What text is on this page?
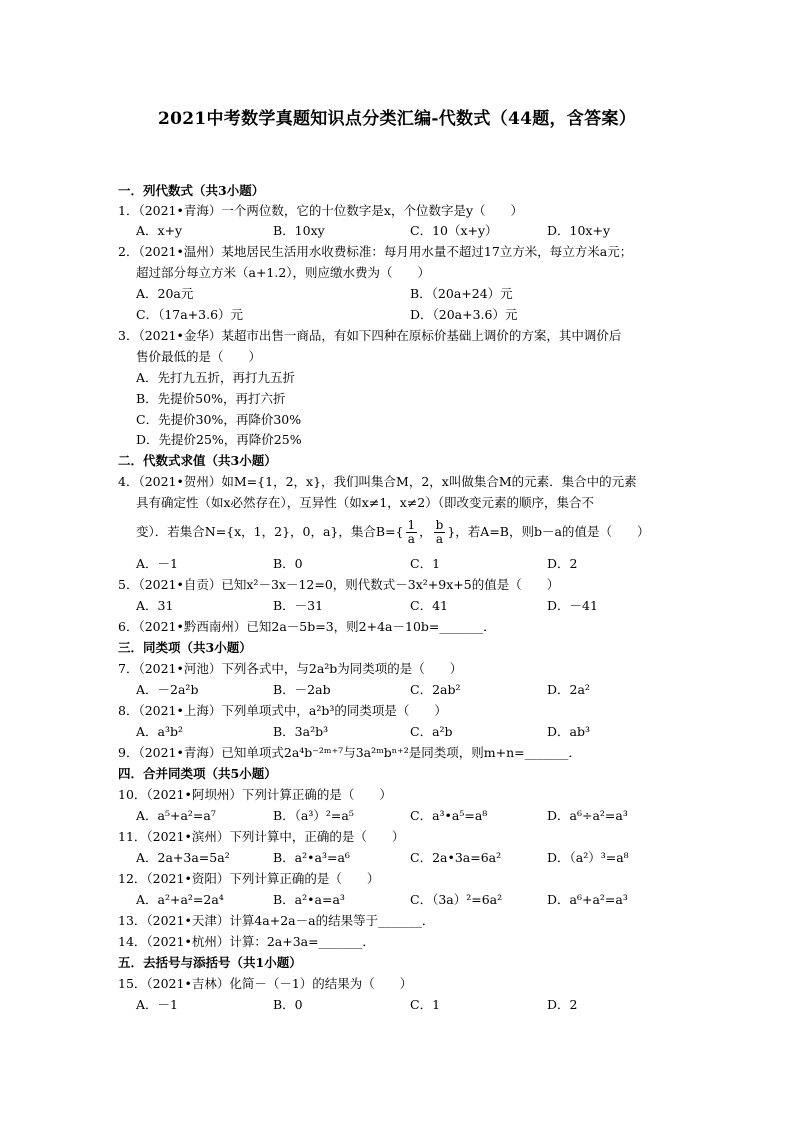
2021中考数学真题知识点分类汇编-代数式（44题，含答案）
一．列代数式（共3小题）
1．（2021•青海）一个两位数，它的十位数字是x，个位数字是y（　　）
A．x+y	B．10xy	C．10（x+y）	D．10x+y
2．（2021•温州）某地居民生活用水收费标准：每月用水量不超过17立方米，每立方米a元；
超过部分每立方米（a+1.2），则应缴水费为（　　）
A．20a元	B．（20a+24）元
C．（17a+3.6）元	D．（20a+3.6）元
3．（2021•金华）某超市出售一商品，有如下四种在原标价基础上调价的方案，其中调价后
售价最低的是（　　）
A．先打九五折，再打九五折
B．先提价50%，再打六折
C．先提价30%，再降价30%
D．先提价25%，再降价25%
二．代数式求值（共3小题）
4．（2021•贺州）如M={1，2，x}，我们叫集合M，2，x叫做集合M的元素．集合中的元素
具有确定性（如x必然存在），互异性（如x≠1，x≠2）（即改变元素的顺序，集合不
变）．若集合N={x，1，2}，0，a}，集合$B=\{ \frac{1}{a}$ ， $\frac{b}{a}$ }，若A=B，则b－a的值是（　　）
A．－1	B．0	C．1	D．2
5．（2021•自贡）已知x²－3x－12=0，则代数式－3x²+9x+5的值是（　　）
A．31	B．－31	C．41	D．－41
6．（2021•黔西南州）已知2a－5b=3，则2+4a－10b=_______．
三．同类项（共3小题）
7．（2021•河池）下列各式中，与2a²b为同类项的是（　　）
A．－2a²b	B．－2ab	C．2ab²	D．2a²
8．（2021•上海）下列单项式中，a²b³的同类项是（　　）
A．a³b²	B．3a²b³	C．a²b	D．ab³
9．（2021•青海）已知单项式2a⁴b⁻²ᵐ⁺⁷与3a²ᵐbⁿ⁺²是同类项，则m+n=_______．
四．合并同类项（共5小题）
10．（2021•阿坝州）下列计算正确的是（　　）
A．a⁵+a²=a⁷	B．（a³）²=a⁵	C．a³•a⁵=a⁸	D．a⁶÷a²=a³
11．（2021•滨州）下列计算中，正确的是（　　）
A．2a+3a=5a²	B．a²•a³=a⁶	C．2a•3a=6a²	D．（a²）³=a⁸
12．（2021•资阳）下列计算正确的是（　　）
A．a²+a²=2a⁴	B．a²•a=a³	C．（3a）²=6a²	D．a⁶+a²=a³
13．（2021•天津）计算4a+2a－a的结果等于_______．
14．（2021•杭州）计算：2a+3a=_______．
五．去括号与添括号（共1小题）
15．（2021•吉林）化简－（－1）的结果为（　　）
A．－1	B．0	C．1	D．2
